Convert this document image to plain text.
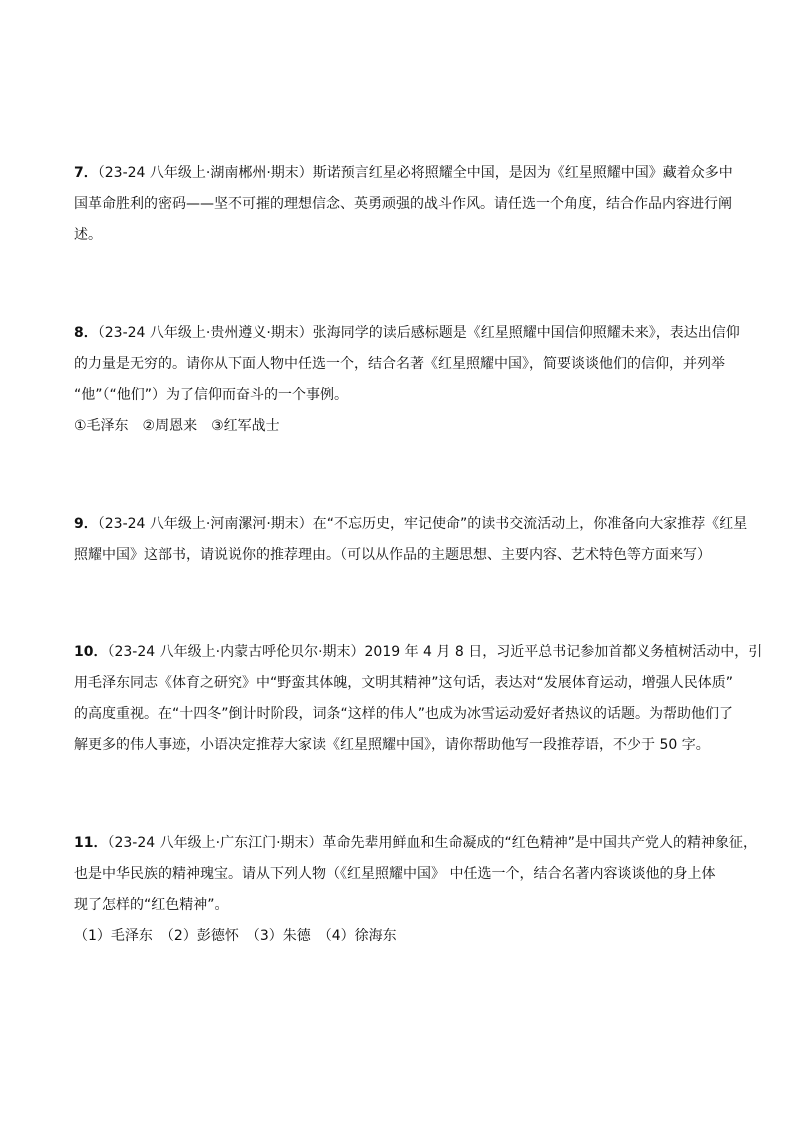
7．（23-24 八年级上·湖南郴州·期末）斯诺预言红星必将照耀全中国，是因为《红星照耀中国》藏着众多中
国革命胜利的密码——坚不可摧的理想信念、英勇顽强的战斗作风。请任选一个角度，结合作品内容进行阐
述。
8．（23-24 八年级上·贵州遵义·期末）张海同学的读后感标题是《红星照耀中国信仰照耀未来》，表达出信仰
的力量是无穷的。请你从下面人物中任选一个，结合名著《红星照耀中国》，简要谈谈他们的信仰，并列举
“他”（“他们”）为了信仰而奋斗的一个事例。
①毛泽东　②周恩来　③红军战士
9．（23-24 八年级上·河南漯河·期末）在“不忘历史，牢记使命”的读书交流活动上，你准备向大家推荐《红星
照耀中国》这部书，请说说你的推荐理由。（可以从作品的主题思想、主要内容、艺术特色等方面来写）
10．（23-24 八年级上·内蒙古呼伦贝尔·期末）2019 年 4 月 8 日，习近平总书记参加首都义务植树活动中，引
用毛泽东同志《体育之研究》中“野蛮其体魄，文明其精神”这句话，表达对“发展体育运动，增强人民体质”
的高度重视。在“十四冬”倒计时阶段，词条“这样的伟人”也成为冰雪运动爱好者热议的话题。为帮助他们了
解更多的伟人事迹，小语决定推荐大家读《红星照耀中国》，请你帮助他写一段推荐语，不少于 50 字。
11．（23-24 八年级上·广东江门·期末）革命先辈用鲜血和生命凝成的“红色精神”是中国共产党人的精神象征，
也是中华民族的精神瑰宝。请从下列人物（《红星照耀中国》 中任选一个，结合名著内容谈谈他的身上体
现了怎样的“红色精神”。
（1）毛泽东　（2）彭德怀　（3）朱德　（4）徐海东
